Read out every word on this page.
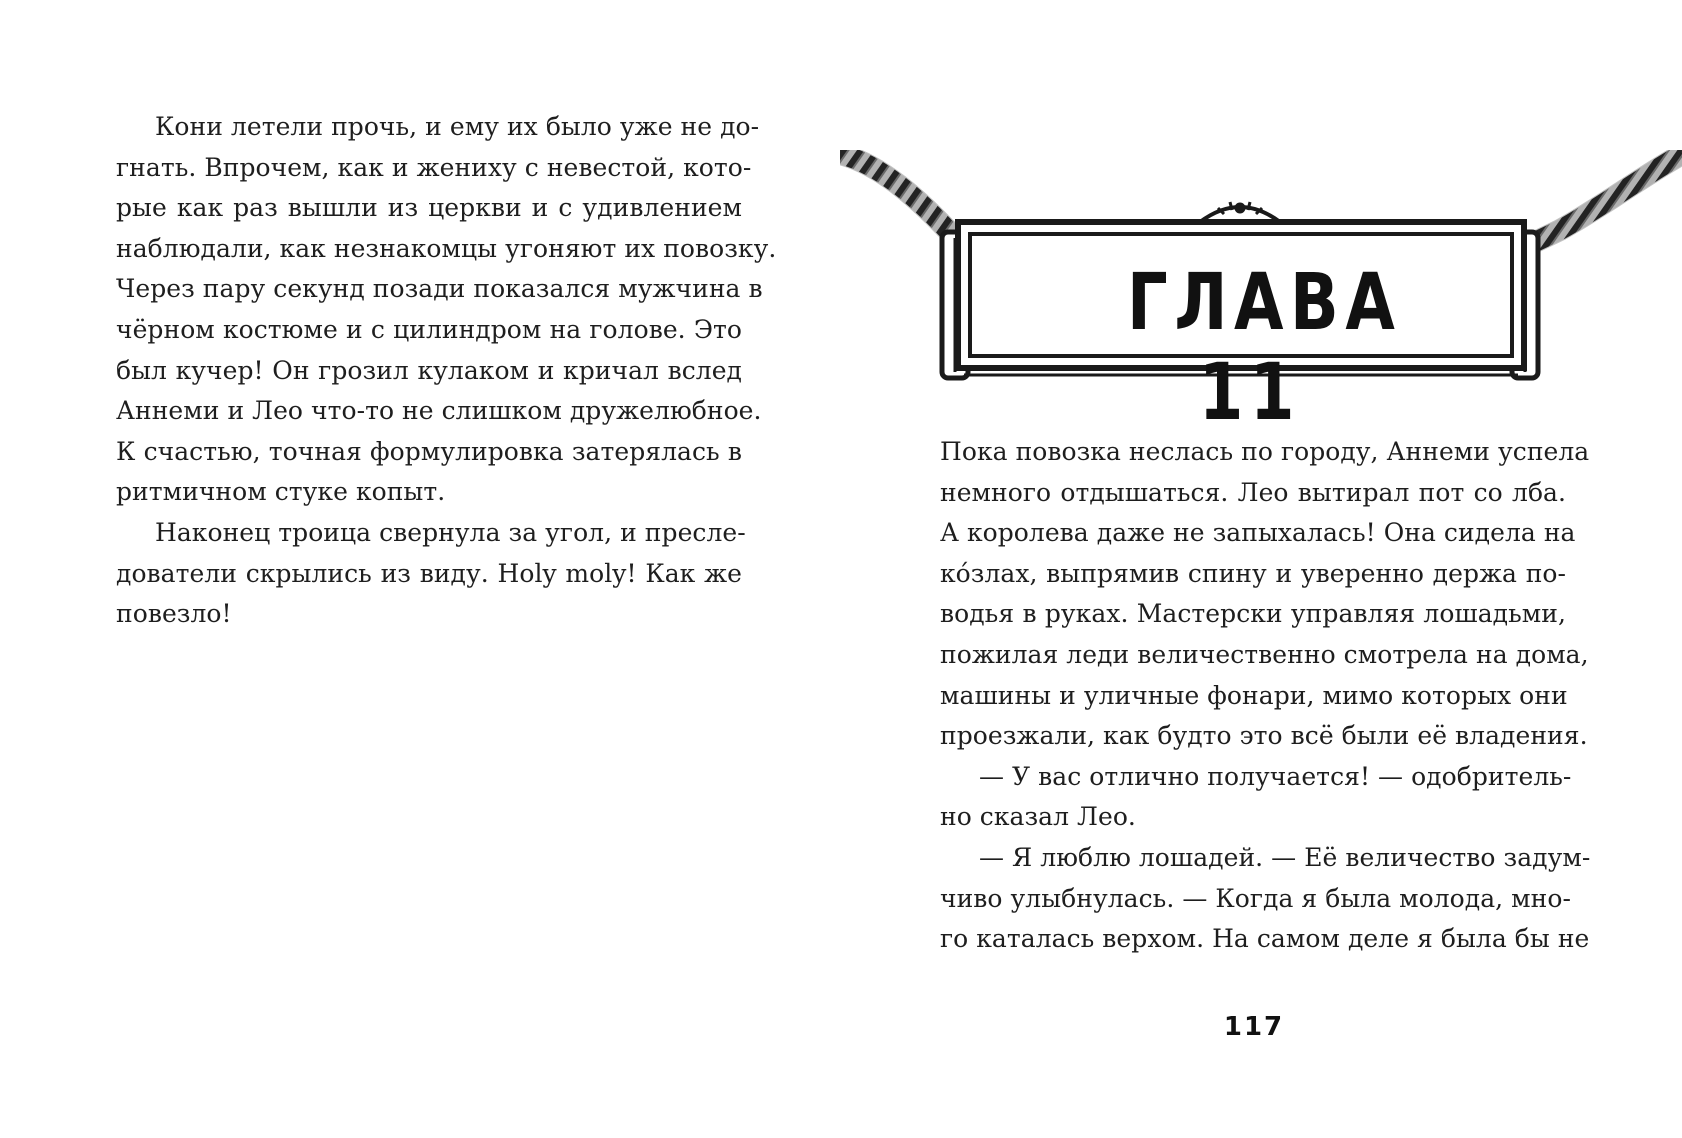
Кони летели прочь, и ему их было уже не до-
гнать. Впрочем, как и жениху с невестой, кото-
рые как раз вышли из церкви и с удивлением
наблюдали, как незнакомцы угоняют их повозку.
Через пару секунд позади показался мужчина в
чёрном костюме и с цилиндром на голове. Это
был кучер! Он грозил кулаком и кричал вслед
Аннеми и Лео что-то не слишком дружелюбное.
К счастью, точная формулировка затерялась в
ритмичном стуке копыт.
Наконец троица свернула за угол, и пресле-
дователи скрылись из виду. Holy moly! Как же
повезло!
ГЛАВА 11
Пока повозка неслась по городу, Аннеми успела
немного отдышаться. Лео вытирал пот со лба.
А королева даже не запыхалась! Она сидела на
ко́злах, выпрямив спину и уверенно держа по-
водья в руках. Мастерски управляя лошадьми,
пожилая леди величественно смотрела на дома,
машины и уличные фонари, мимо которых они
проезжали, как будто это всё были её владения.
— У вас отлично получается! — одобритель-
но сказал Лео.
— Я люблю лошадей. — Её величество задум-
чиво улыбнулась. — Когда я была молода, мно-
го каталась верхом. На самом деле я была бы не
117
